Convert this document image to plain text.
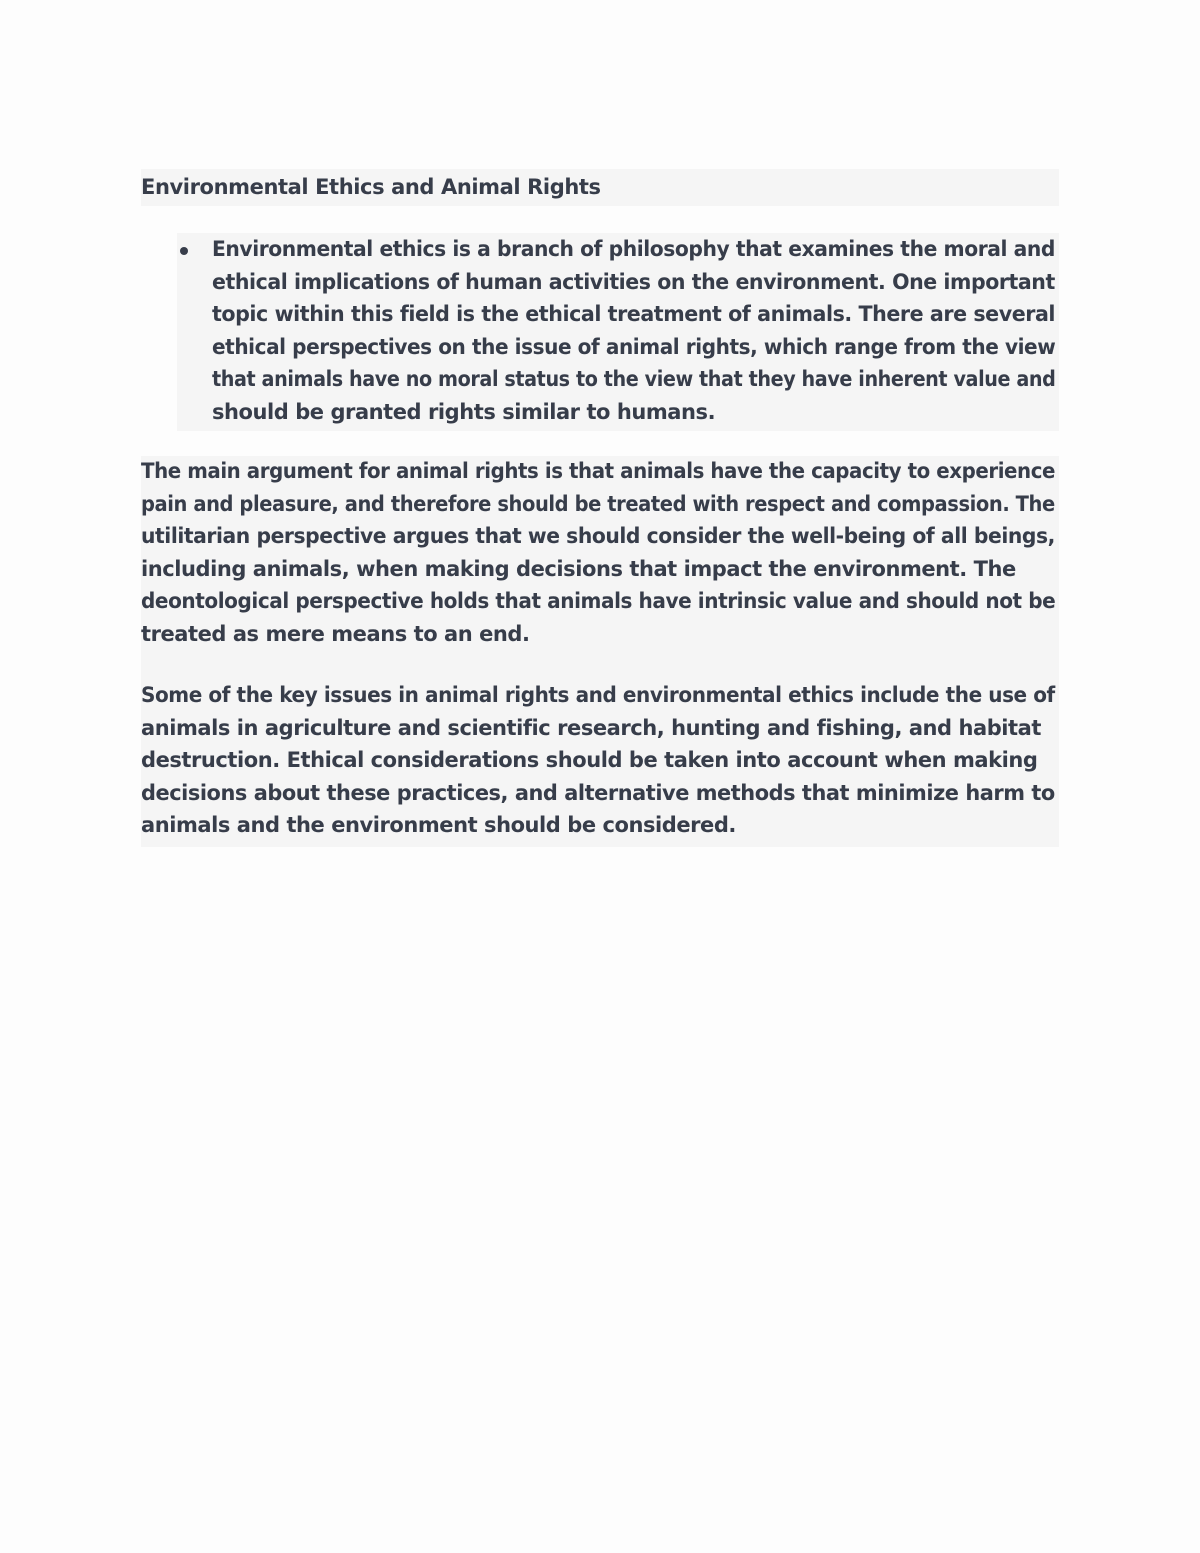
Environmental Ethics and Animal Rights
Environmental ethics is a branch of philosophy that examines the moral and
ethical implications of human activities on the environment. One important
topic within this field is the ethical treatment of animals. There are several
ethical perspectives on the issue of animal rights, which range from the view
that animals have no moral status to the view that they have inherent value and
should be granted rights similar to humans.
The main argument for animal rights is that animals have the capacity to experience
pain and pleasure, and therefore should be treated with respect and compassion. The
utilitarian perspective argues that we should consider the well-being of all beings,
including animals, when making decisions that impact the environment. The
deontological perspective holds that animals have intrinsic value and should not be
treated as mere means to an end.
Some of the key issues in animal rights and environmental ethics include the use of
animals in agriculture and scientific research, hunting and fishing, and habitat
destruction. Ethical considerations should be taken into account when making
decisions about these practices, and alternative methods that minimize harm to
animals and the environment should be considered.
